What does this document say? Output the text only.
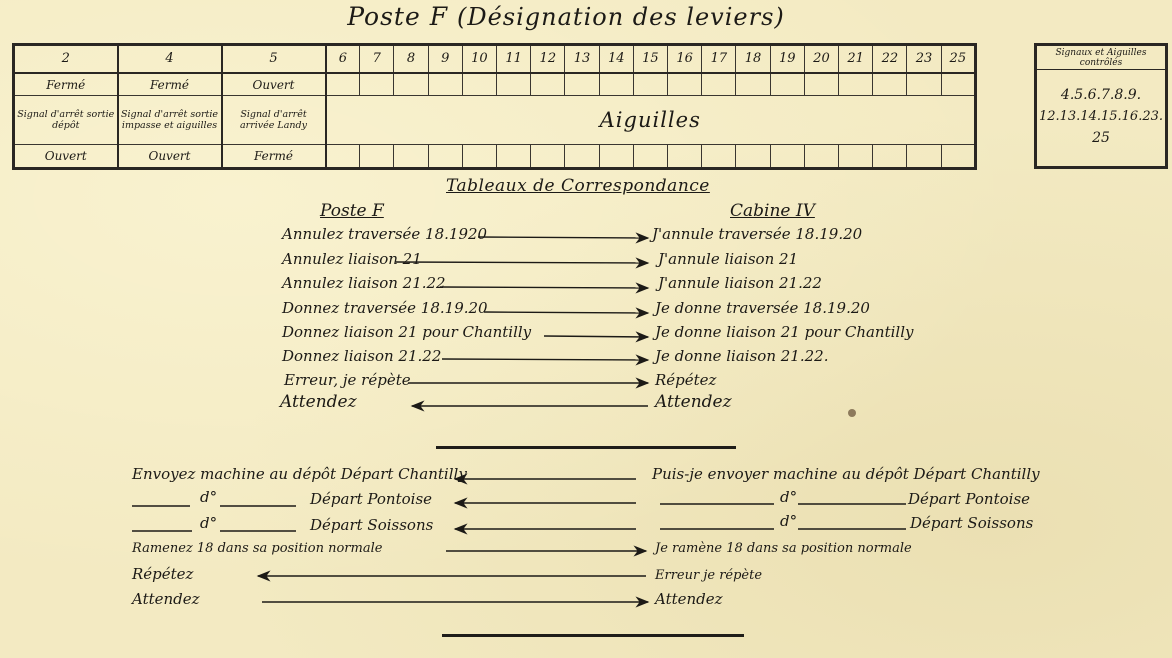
Poste F (Désignation des leviers)
2	4	5	6	7	8	9	10	11	12	13	14	15	16	17	18	19	20	21	22	23	25
Fermé	Fermé	Ouvert																			
Signal d'arrêt sortie dépôt	Signal d'arrêt sortie impasse et aiguilles	Signal d'arrêt arrivée Landy	Aiguilles																		
Ouvert	Ouvert	Fermé																			
Signaux et Aiguilles contrôlés
4.5.6.7.8.9.
12.13.14.15.16.23.
25
Tableaux de Correspondance
Poste F	Cabine IV
Annulez traversée 18.1920	J'annule traversée 18.19.20
Annulez liaison 21	J'annule liaison 21
Annulez liaison 21.22	J'annule liaison 21.22
Donnez traversée 18.19.20	Je donne traversée 18.19.20
Donnez liaison 21 pour Chantilly	Je donne liaison 21 pour Chantilly
Donnez liaison 21.22	Je donne liaison 21.22.
Erreur, je répète	Répétez
Attendez	Attendez
Envoyez machine au dépôt Départ Chantilly	Puis-je envoyer machine au dépôt Départ Chantilly
d°	Départ Pontoise	d°	Départ Pontoise
d°	Départ Soissons	d°	Départ Soissons
Ramenez 18 dans sa position normale	Je ramène 18 dans sa position normale
Répétez	Erreur je répète
Attendez	Attendez
